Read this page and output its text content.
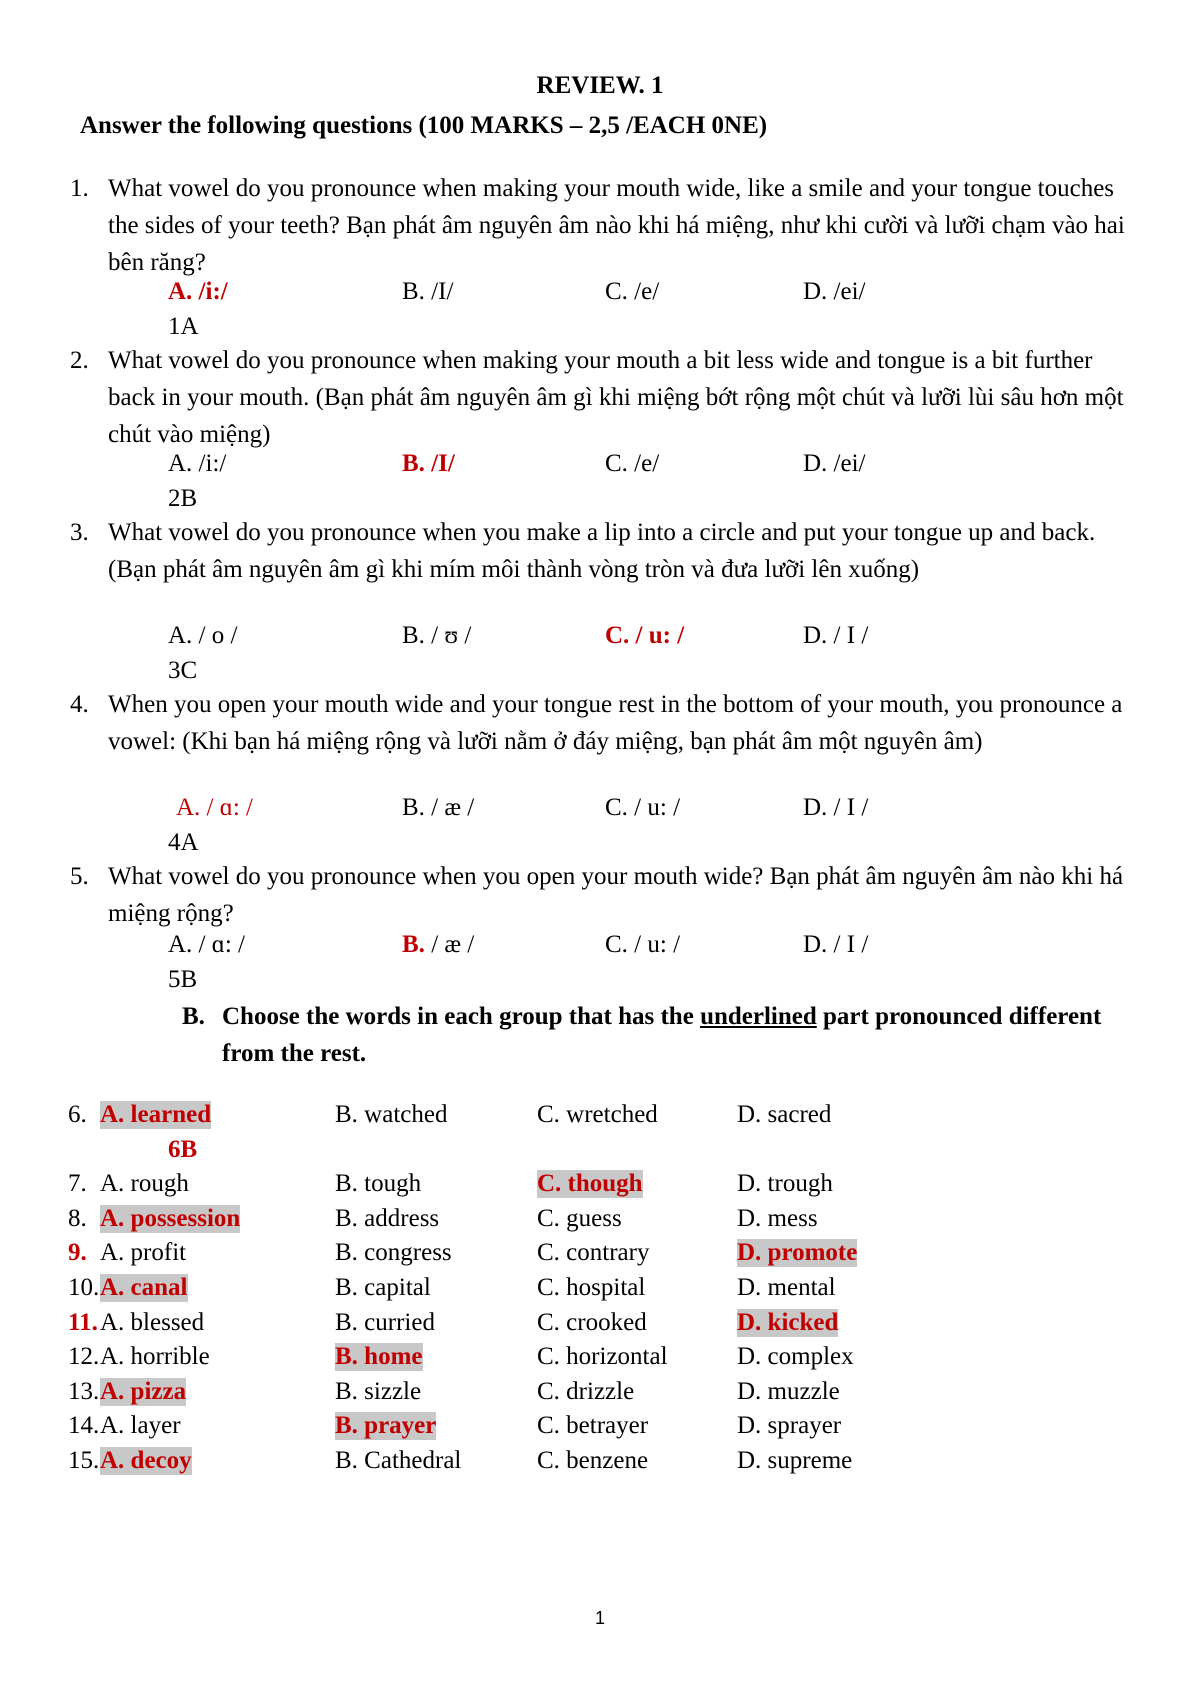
REVIEW. 1
Answer the following questions (100 MARKS – 2,5 /EACH 0NE)
1. What vowel do you pronounce when making your mouth wide, like a smile and your tongue touches the sides of your teeth? Bạn phát âm nguyên âm nào khi há miệng, như khi cười và lưỡi chạm vào hai bên răng?
A. /i:/	B. /I/	C. /e/	D. /ei/
1A
2. What vowel do you pronounce when making your mouth a bit less wide and tongue is a bit further back in your mouth. (Bạn phát âm nguyên âm gì khi miệng bớt rộng một chút và lưỡi lùi sâu hơn một chút vào miệng)
A. /i:/	B. /I/	C. /e/	D. /ei/
2B
3. What vowel do you pronounce when you make a lip into a circle and put your tongue up and back. (Bạn phát âm nguyên âm gì khi mím môi thành vòng tròn và đưa lưỡi lên xuống)
A. / o /	B. / ʊ /	C. / u: /	D. / I /
3C
4. When you open your mouth wide and your tongue rest in the bottom of your mouth, you pronounce a vowel: (Khi bạn há miệng rộng và lưỡi nằm ở đáy miệng, bạn phát âm một nguyên âm)
A. / ɑ: /	B. / æ /	C. / u: /	D. / I /
4A
5. What vowel do you pronounce when you open your mouth wide? Bạn phát âm nguyên âm nào khi há miệng rộng?
A. / ɑ: /	B. / æ /	C. / u: /	D. / I /
5B
B. Choose the words in each group that has the underlined part pronounced different from the rest.
6. A. learned	B. watched	C. wretched	D. sacred
6B
7. A. rough	B. tough	C. though	D. trough
8. A. possession	B. address	C. guess	D. mess
9. A. profit	B. congress	C. contrary	D. promote
10. A. canal	B. capital	C. hospital	D. mental
11. A. blessed	B. curried	C. crooked	D. kicked
12. A. horrible	B. home	C. horizontal	D. complex
13. A. pizza	B. sizzle	C. drizzle	D. muzzle
14. A. layer	B. prayer	C. betrayer	D. sprayer
15. A. decoy	B. Cathedral	C. benzene	D. supreme
1
